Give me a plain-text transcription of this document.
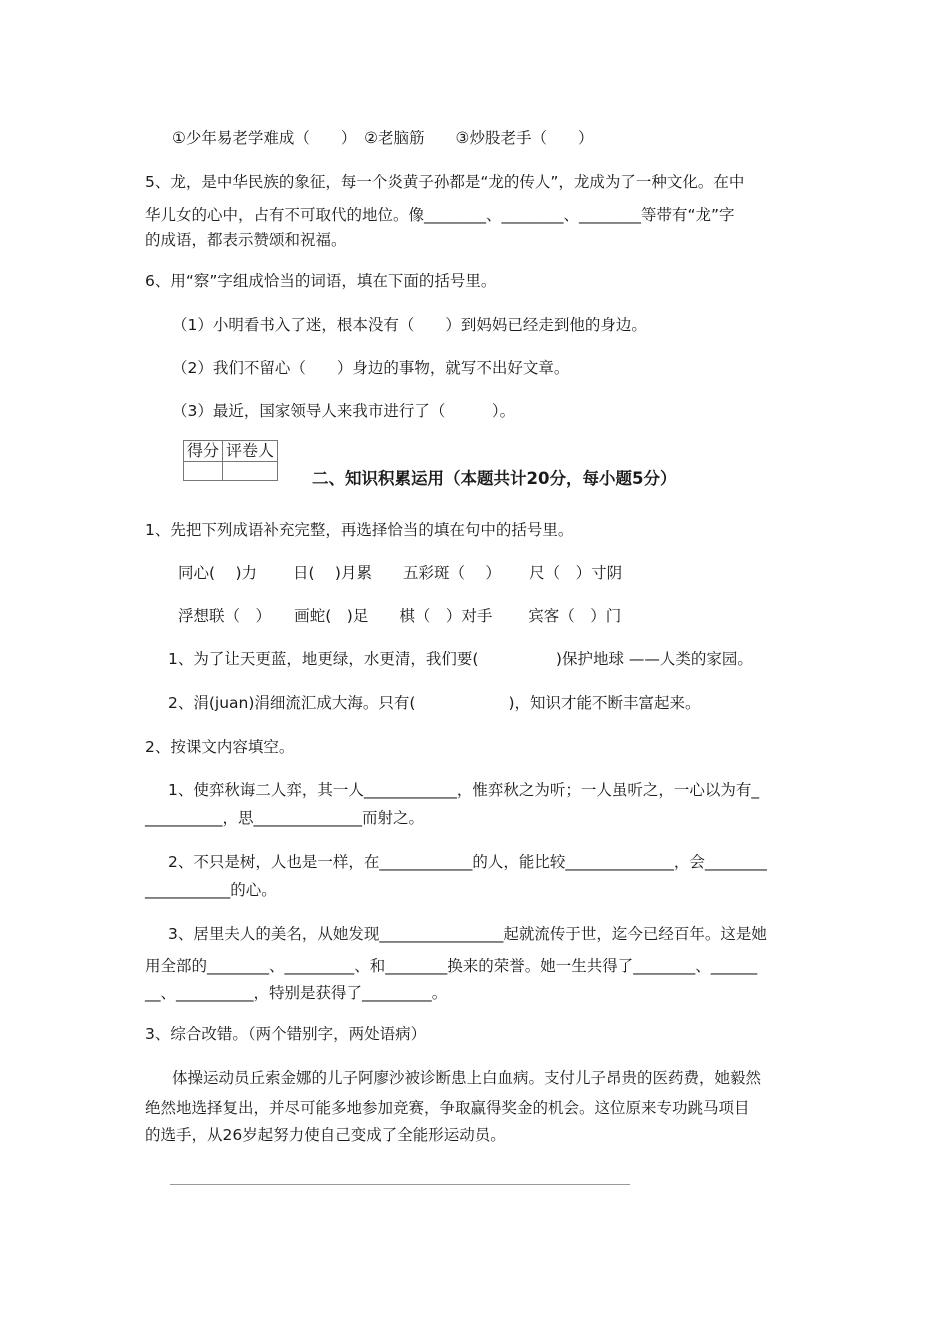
①少年易老学难成（　　）　②老脑筋　　③炒股老手（　　）
5、龙，是中华民族的象征，每一个炎黄子孙都是“龙的传人”，龙成为了一种文化。在中
华儿女的心中，占有不可取代的地位。像________、________、________等带有“龙”字
的成语，都表示赞颂和祝福。
6、用“察”字组成恰当的词语，填在下面的括号里。
（1）小明看书入了迷，根本没有（　　）到妈妈已经走到他的身边。
（2）我们不留心（　　）身边的事物，就写不出好文章。
（3）最近，国家领导人来我市进行了（　　　）。
得分	评卷人

二、知识积累运用（本题共计20分，每小题5分）
1、先把下列成语补充完整，再选择恰当的填在句中的括号里。
同心(　 )力　　 日(　 )月累　　五彩斑（　 ）　　 尺（　）寸阴
浮想联（　）　　画蛇(　)足　　棋（　）对手　　 宾客（　）门
1、为了让天更蓝，地更绿，水更清，我们要(　　　　　)保护地球 ——人类的家园。
2、涓(juan)涓细流汇成大海。只有(　　　　　　)，知识才能不断丰富起来。
2、按课文内容填空。
1、使弈秋诲二人弈，其一人____________，惟弈秋之为听；一人虽听之，一心以为有_
__________，思______________而射之。
2、不只是树，人也是一样，在____________的人，能比较______________，会________
___________的心。
3、居里夫人的美名，从她发现________________起就流传于世，迄今已经百年。这是她
用全部的________、_________、和________换来的荣誉。她一生共得了________、______
__、__________，特别是获得了_________。
3、综合改错。（两个错别字，两处语病）
体操运动员丘索金娜的儿子阿廖沙被诊断患上白血病。支付儿子昂贵的医药费，她毅然
绝然地选择复出，并尽可能多地参加竞赛，争取赢得奖金的机会。这位原来专功跳马项目
的选手，从26岁起努力使自己变成了全能形运动员。
